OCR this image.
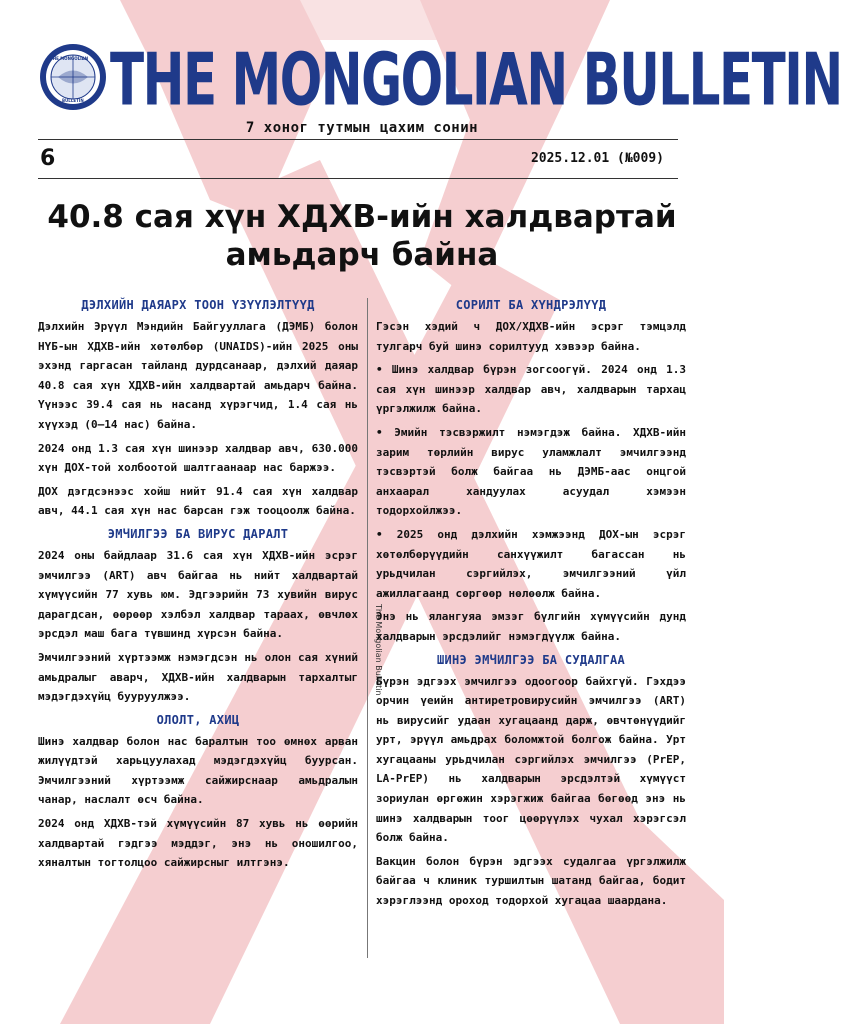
THE MONGOLIAN
BULLETIN THE MONGOLIAN BULLETIN
7 хоног тутмын цахим сонин
6	2025.12.01 (№009)
40.8 сая хүн ХДХВ-ийн халдвартай
амьдарч байна
The Mongolian Bulletin
ДЭЛХИЙН ДАЯАРХ ТООН ҮЗҮҮЛЭЛТҮҮД

Дэлхийн Эрүүл Мэндийн Байгууллага (ДЭМБ) болон НҮБ-ын ХДХВ-ийн хөтөлбөр (UNAIDS)-ийн 2025 оны эхэнд гаргасан тайланд дурдсанаар, дэлхий даяар 40.8 сая хүн ХДХВ-ийн халдвартай амьдарч байна. Үүнээс 39.4 сая нь насанд хүрэгчид, 1.4 сая нь хүүхэд (0–14 нас) байна.

2024 онд 1.3 сая хүн шинээр халдвар авч, 630.000 хүн ДОХ-той холбоотой шалтгаанаар нас баржээ.

ДОХ дэгдсэнээс хойш нийт 91.4 сая хүн халдвар авч, 44.1 сая хүн нас барсан гэж тооцоолж байна.

ЭМЧИЛГЭЭ БА ВИРУС ДАРАЛТ

2024 оны байдлаар 31.6 сая хүн ХДХВ-ийн эсрэг эмчилгээ (ART) авч байгаа нь нийт халдвартай хүмүүсийн 77 хувь юм. Эдгээрийн 73 хувийн вирус дарагдсан, өөрөөр хэлбэл халдвар тараах, өвчлөх эрсдэл маш бага түвшинд хүрсэн байна.

Эмчилгээний хүртээмж нэмэгдсэн нь олон сая хүний амьдралыг аварч, ХДХВ-ийн халдварын тархалтыг мэдэгдэхүйц бууруулжээ.

ОЛОЛТ, АХИЦ

Шинэ халдвар болон нас баралтын тоо өмнөх арван жилүүдтэй харьцуулахад мэдэгдэхүйц буурсан. Эмчилгээний хүртээмж сайжирснаар амьдралын чанар, наслалт өсч байна.

2024 онд ХДХВ-тэй хүмүүсийн 87 хувь нь өөрийн халдвартай гэдгээ мэддэг, энэ нь оношилгоо, хяналтын тогтолцоо сайжирсныг илтгэнэ.

СОРИЛТ БА ХҮНДРЭЛҮҮД

Гэсэн хэдий ч ДОХ/ХДХВ-ийн эсрэг тэмцэлд тулгарч буй шинэ сорилтууд хэвээр байна.

• Шинэ халдвар бүрэн зогсоогүй. 2024 онд 1.3 сая хүн шинээр халдвар авч, халдварын тархац үргэлжилж байна.

• Эмийн тэсвэржилт нэмэгдэж байна. ХДХВ-ийн зарим төрлийн вирус уламжлалт эмчилгээнд тэсвэртэй болж байгаа нь ДЭМБ-аас онцгой анхаарал хандуулах асуудал хэмээн тодорхойлжээ.

• 2025 онд дэлхийн хэмжээнд ДОХ-ын эсрэг хөтөлбөрүүдийн санхүүжилт багассан нь урьдчилан сэргийлэх, эмчилгээний үйл ажиллагаанд сөргөөр нөлөөлж байна.

Энэ нь ялангуяа эмзэг бүлгийн хүмүүсийн дунд халдварын эрсдэлийг нэмэгдүүлж байна.

ШИНЭ ЭМЧИЛГЭЭ БА СУДАЛГАА

Бүрэн эдгээх эмчилгээ одоогоор байхгүй. Гэхдээ орчин үеийн антиретровирусийн эмчилгээ (ART) нь вирусийг удаан хугацаанд дарж, өвчтөнүүдийг урт, эрүүл амьдрах боломжтой болгож байна. Урт хугацааны урьдчилан сэргийлэх эмчилгээ (PrEP, LA-PrEP) нь халдварын эрсдэлтэй хүмүүст зориулан өргөжин хэрэгжиж байгаа бөгөөд энэ нь шинэ халдварын тоог цөөрүүлэх чухал хэрэгсэл болж байна.

Вакцин болон бүрэн эдгээх судалгаа үргэлжилж байгаа ч клиник туршилтын шатанд байгаа, бодит хэрэглээнд ороход тодорхой хугацаа шаардана.
